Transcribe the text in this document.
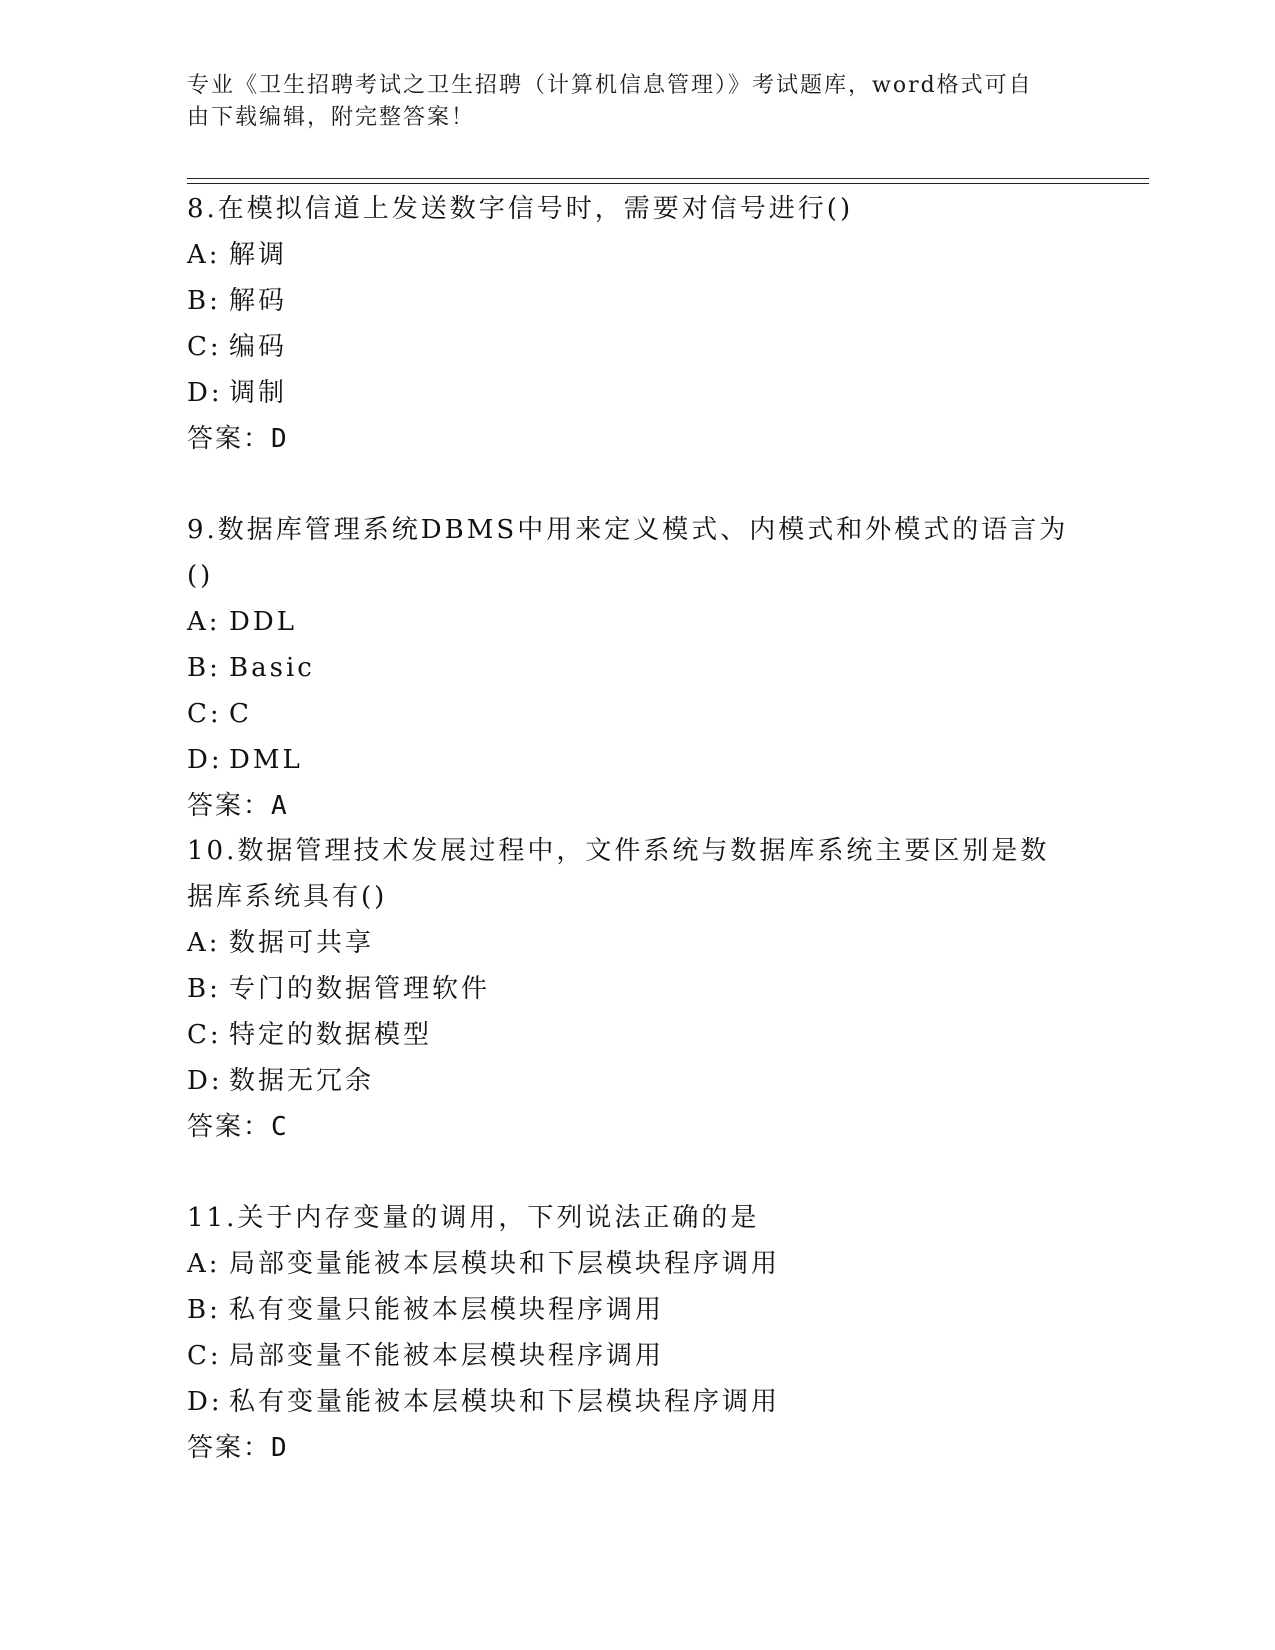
专业《卫生招聘考试之卫生招聘（计算机信息管理）》考试题库，word格式可自
由下载编辑，附完整答案！
8.在模拟信道上发送数字信号时，需要对信号进行()
A: 解调
B: 解码
C: 编码
D: 调制
答案：D
9.数据库管理系统DBMS中用来定义模式、内模式和外模式的语言为()
A: DDL
B: Basic
C: C
D: DML
答案：A
10.数据管理技术发展过程中，文件系统与数据库系统主要区别是数据库系统具有()
A: 数据可共享
B: 专门的数据管理软件
C: 特定的数据模型
D: 数据无冗余
答案：C
11.关于内存变量的调用，下列说法正确的是
A: 局部变量能被本层模块和下层模块程序调用
B: 私有变量只能被本层模块程序调用
C: 局部变量不能被本层模块程序调用
D: 私有变量能被本层模块和下层模块程序调用
答案：D
